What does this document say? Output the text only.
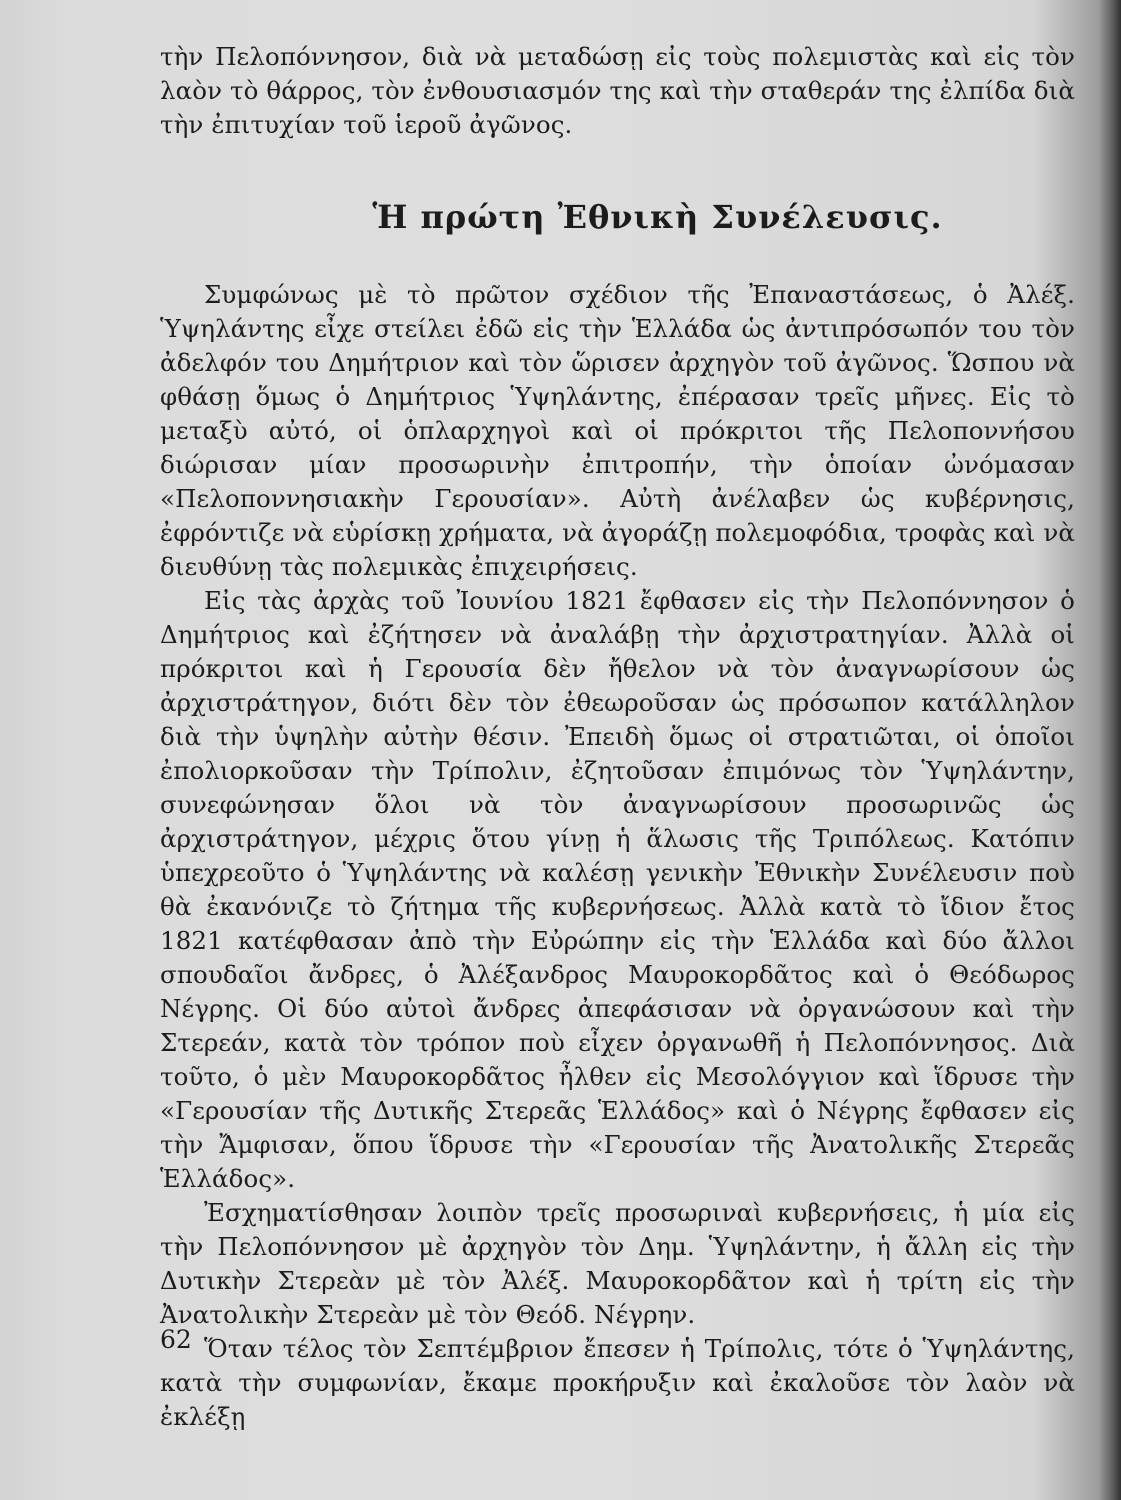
τὴν Πελοπόννησον, διὰ νὰ μεταδώσῃ εἰς τοὺς πολεμιστὰς καὶ εἰς τὸν λαὸν τὸ θάρρος, τὸν ἐνθουσιασμόν της καὶ τὴν σταθεράν της ἐλπίδα διὰ τὴν ἐπιτυχίαν τοῦ ἱεροῦ ἀγῶνος.

Ἡ πρώτη Ἐθνικὴ Συνέλευσις.

Συμφώνως μὲ τὸ πρῶτον σχέδιον τῆς Ἐπαναστάσεως, ὁ Ἀλέξ. Ὑψηλάντης εἶχε στείλει ἐδῶ εἰς τὴν Ἑλλάδα ὡς ἀντιπρόσωπόν του τὸν ἀδελφόν του Δημήτριον καὶ τὸν ὥρισεν ἀρχηγὸν τοῦ ἀγῶνος. Ὥσπου νὰ φθάσῃ ὅμως ὁ Δημήτριος Ὑψηλάντης, ἐπέρασαν τρεῖς μῆνες. Εἰς τὸ μεταξὺ αὐτό, οἱ ὁπλαρχηγοὶ καὶ οἱ πρόκριτοι τῆς Πελοποννήσου διώρισαν μίαν προσωρινὴν ἐπιτροπήν, τὴν ὁποίαν ὠνόμασαν «Πελοποννησιακὴν Γερουσίαν». Αὐτὴ ἀνέλαβεν ὡς κυβέρνησις, ἐφρόντιζε νὰ εὑρίσκῃ χρήματα, νὰ ἀγοράζῃ πολεμοφόδια, τροφὰς καὶ νὰ διευθύνῃ τὰς πολεμικὰς ἐπιχειρήσεις.

Εἰς τὰς ἀρχὰς τοῦ Ἰουνίου 1821 ἔφθασεν εἰς τὴν Πελοπόννησον ὁ Δημήτριος καὶ ἐζήτησεν νὰ ἀναλάβῃ τὴν ἀρχιστρατηγίαν. Ἀλλὰ οἱ πρόκριτοι καὶ ἡ Γερουσία δὲν ἤθελον νὰ τὸν ἀναγνωρίσουν ὡς ἀρχιστράτηγον, διότι δὲν τὸν ἐθεωροῦσαν ὡς πρόσωπον κατάλληλον διὰ τὴν ὑψηλὴν αὐτὴν θέσιν. Ἐπειδὴ ὅμως οἱ στρατιῶται, οἱ ὁποῖοι ἐπολιορκοῦσαν τὴν Τρίπολιν, ἐζητοῦσαν ἐπιμόνως τὸν Ὑψηλάντην, συνεφώνησαν ὅλοι νὰ τὸν ἀναγνωρίσουν προσωρινῶς ὡς ἀρχιστράτηγον, μέχρις ὅτου γίνῃ ἡ ἅλωσις τῆς Τριπόλεως. Κατόπιν ὑπεχρεοῦτο ὁ Ὑψηλάντης νὰ καλέσῃ γενικὴν Ἐθνικὴν Συνέλευσιν ποὺ θὰ ἐκανόνιζε τὸ ζήτημα τῆς κυβερνήσεως. Ἀλλὰ κατὰ τὸ ἴδιον ἔτος 1821 κατέφθασαν ἀπὸ τὴν Εὐρώπην εἰς τὴν Ἑλλάδα καὶ δύο ἄλλοι σπουδαῖοι ἄνδρες, ὁ Ἀλέξανδρος Μαυροκορδᾶτος καὶ ὁ Θεόδωρος Νέγρης. Οἱ δύο αὐτοὶ ἄνδρες ἀπεφάσισαν νὰ ὀργανώσουν καὶ τὴν Στερεάν, κατὰ τὸν τρόπον ποὺ εἶχεν ὀργανωθῆ ἡ Πελοπόννησος. Διὰ τοῦτο, ὁ μὲν Μαυροκορδᾶτος ἦλθεν εἰς Μεσολόγγιον καὶ ἵδρυσε τὴν «Γερουσίαν τῆς Δυτικῆς Στερεᾶς Ἑλλάδος» καὶ ὁ Νέγρης ἔφθασεν εἰς τὴν Ἄμφισαν, ὅπου ἵδρυσε τὴν «Γερουσίαν τῆς Ἀνατολικῆς Στερεᾶς Ἑλλάδος».

Ἐσχηματίσθησαν λοιπὸν τρεῖς προσωριναὶ κυβερνήσεις, ἡ μία εἰς τὴν Πελοπόννησον μὲ ἀρχηγὸν τὸν Δημ. Ὑψηλάντην, ἡ ἄλλη εἰς τὴν Δυτικὴν Στερεὰν μὲ τὸν Ἀλέξ. Μαυροκορδᾶτον καὶ ἡ τρίτη εἰς τὴν Ἀνατολικὴν Στερεὰν μὲ τὸν Θεόδ. Νέγρην.

Ὅταν τέλος τὸν Σεπτέμβριον ἔπεσεν ἡ Τρίπολις, τότε ὁ Ὑψηλάντης, κατὰ τὴν συμφωνίαν, ἔκαμε προκήρυξιν καὶ ἐκαλοῦσε τὸν λαὸν νὰ ἐκλέξῃ

62
